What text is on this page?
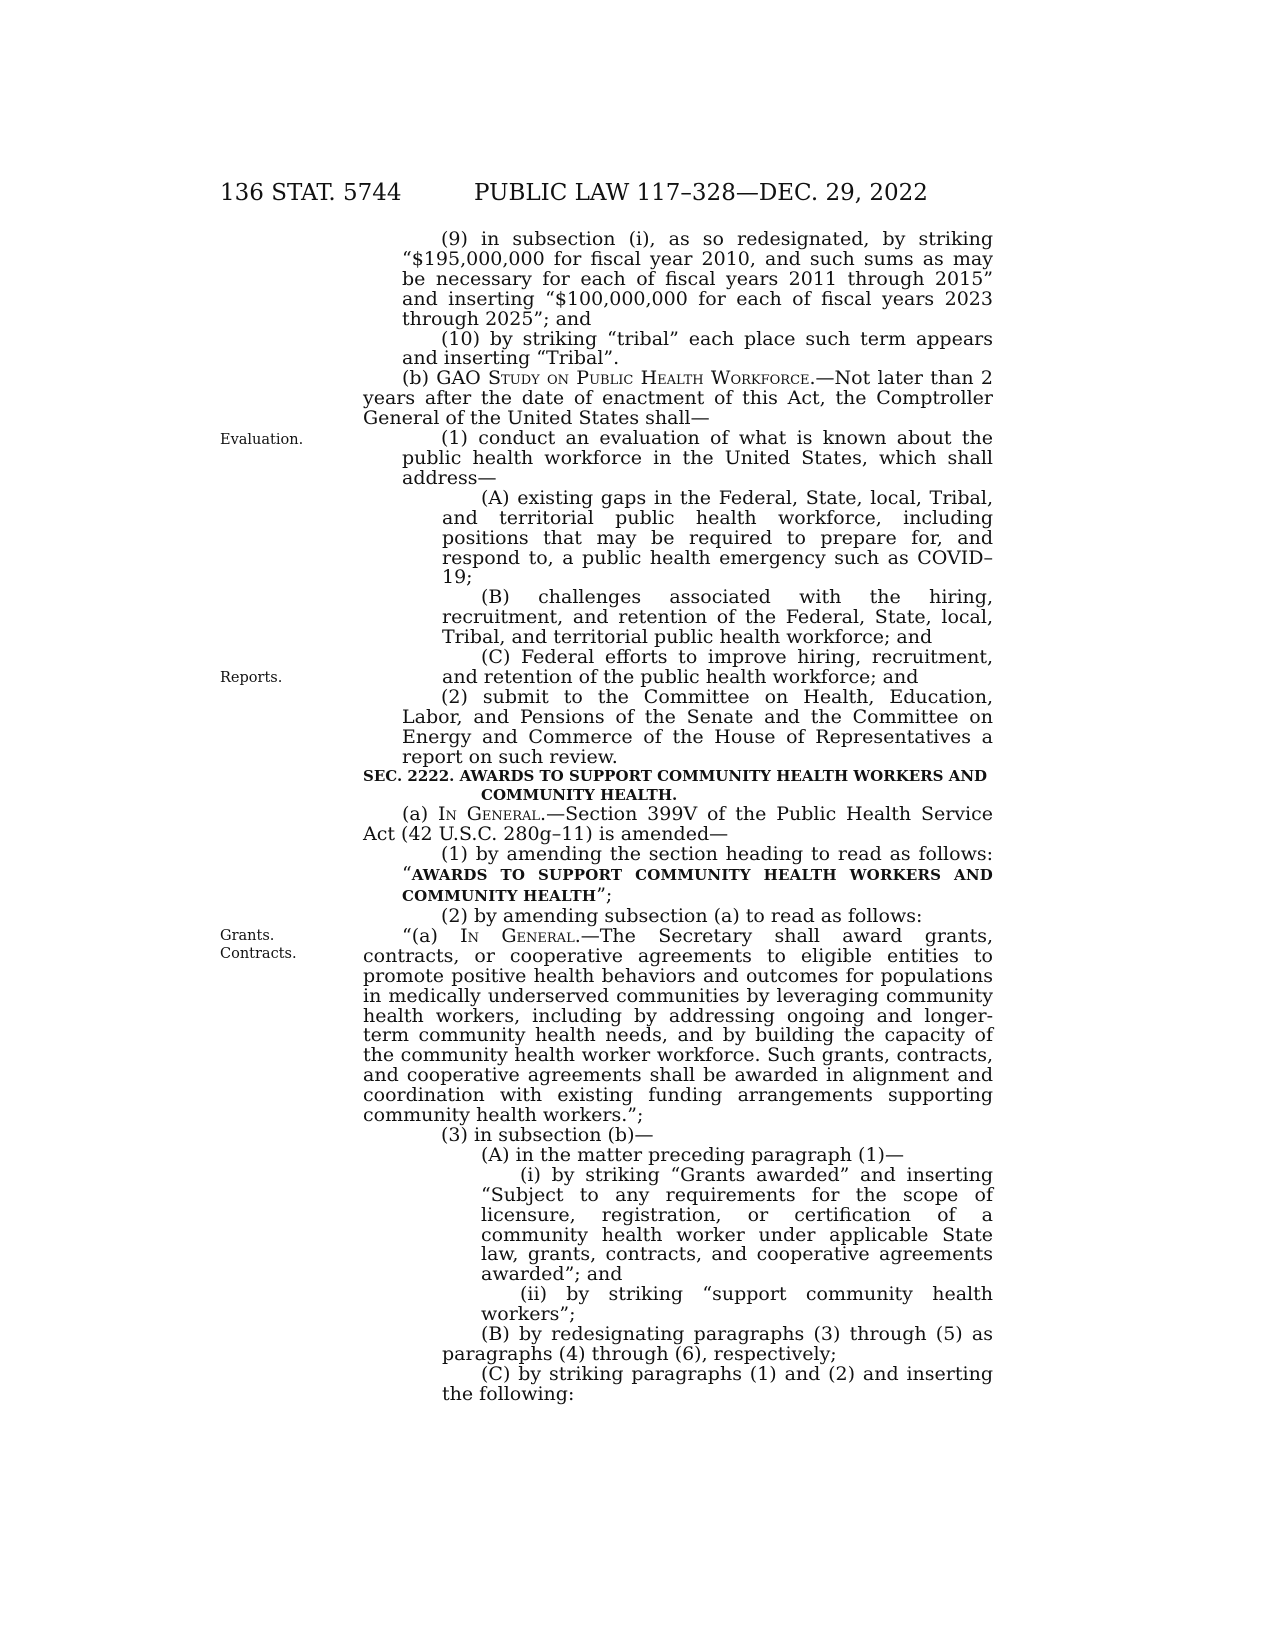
136 STAT. 5744	PUBLIC LAW 117–328—DEC. 29, 2022
Evaluation.
Reports.
Grants.
Contracts.

(9) in subsection (i), as so redesignated, by striking “$195,000,000 for fiscal year 2010, and such sums as may be necessary for each of fiscal years 2011 through 2015” and inserting “$100,000,000 for each of fiscal years 2023 through 2025”; and

(10) by striking “tribal” each place such term appears and inserting “Tribal”.

(b) GAO Study on Public Health Workforce.—Not later than 2 years after the date of enactment of this Act, the Comptroller General of the United States shall—

(1) conduct an evaluation of what is known about the public health workforce in the United States, which shall address—

(A) existing gaps in the Federal, State, local, Tribal, and territorial public health workforce, including positions that may be required to prepare for, and respond to, a public health emergency such as COVID–19;

(B) challenges associated with the hiring, recruitment, and retention of the Federal, State, local, Tribal, and territorial public health workforce; and

(C) Federal efforts to improve hiring, recruitment, and retention of the public health workforce; and

(2) submit to the Committee on Health, Education, Labor, and Pensions of the Senate and the Committee on Energy and Commerce of the House of Representatives a report on such review.

SEC. 2222. AWARDS TO SUPPORT COMMUNITY HEALTH WORKERS AND COMMUNITY HEALTH.

(a) In General.—Section 399V of the Public Health Service Act (42 U.S.C. 280g–11) is amended—

(1) by amending the section heading to read as follows: “AWARDS TO SUPPORT COMMUNITY HEALTH WORKERS AND COMMUNITY HEALTH”;

(2) by amending subsection (a) to read as follows:

“(a) In General.—The Secretary shall award grants, contracts, or cooperative agreements to eligible entities to promote positive health behaviors and outcomes for populations in medically underserved communities by leveraging community health workers, including by addressing ongoing and longer-term community health needs, and by building the capacity of the community health worker workforce. Such grants, contracts, and cooperative agreements shall be awarded in alignment and coordination with existing funding arrangements supporting community health workers.”;

(3) in subsection (b)—

(A) in the matter preceding paragraph (1)—

(i) by striking “Grants awarded” and inserting “Subject to any requirements for the scope of licensure, registration, or certification of a community health worker under applicable State law, grants, contracts, and cooperative agreements awarded”; and

(ii) by striking “support community health workers”;

(B) by redesignating paragraphs (3) through (5) as paragraphs (4) through (6), respectively;

(C) by striking paragraphs (1) and (2) and inserting the following:
